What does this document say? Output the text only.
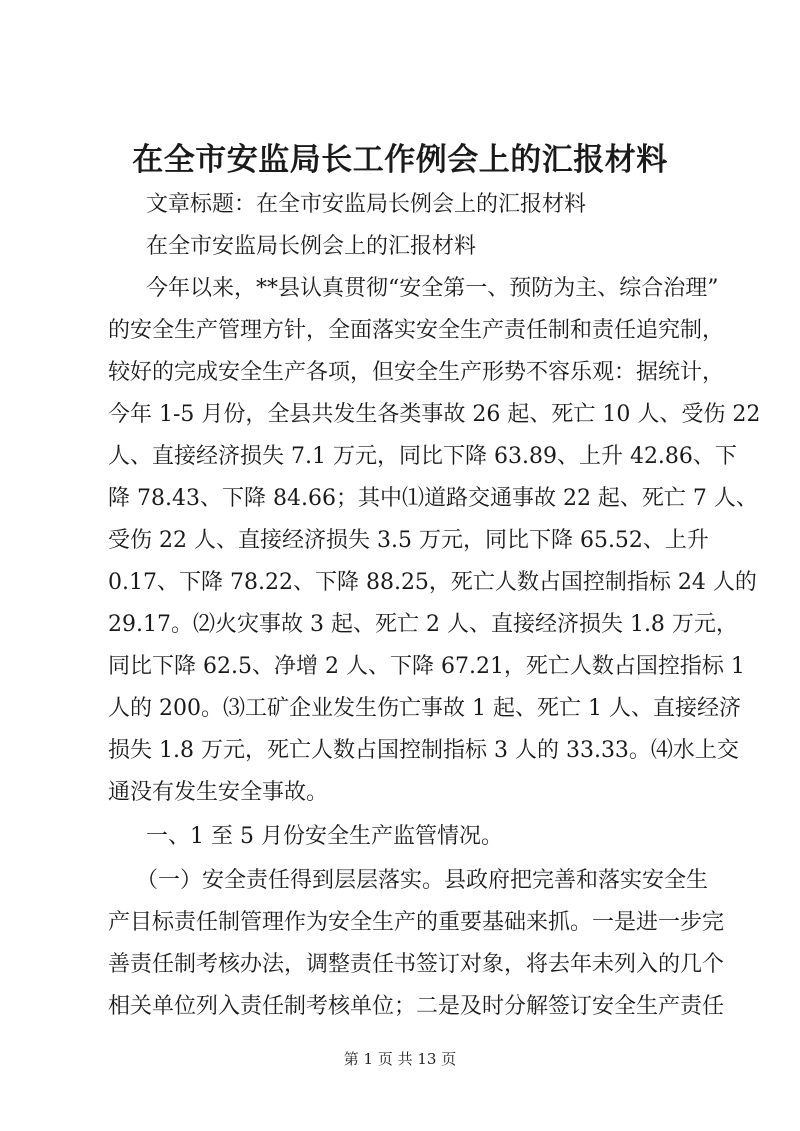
在全市安监局长工作例会上的汇报材料
文章标题：在全市安监局长例会上的汇报材料
在全市安监局长例会上的汇报材料
今年以来，**县认真贯彻“安全第一、预防为主、综合治理”
的安全生产管理方针，全面落实安全生产责任制和责任追究制，
较好的完成安全生产各项，但安全生产形势不容乐观：据统计，
今年 1-5 月份，全县共发生各类事故 26 起、死亡 10 人、受伤 22
人、直接经济损失 7.1 万元，同比下降 63.89、上升 42.86、下
降 78.43、下降 84.66；其中⑴道路交通事故 22 起、死亡 7 人、
受伤 22 人、直接经济损失 3.5 万元，同比下降 65.52、上升
0.17、下降 78.22、下降 88.25，死亡人数占国控制指标 24 人的
29.17。⑵火灾事故 3 起、死亡 2 人、直接经济损失 1.8 万元，
同比下降 62.5、净增 2 人、下降 67.21，死亡人数占国控指标 1
人的 200。⑶工矿企业发生伤亡事故 1 起、死亡 1 人、直接经济
损失 1.8 万元，死亡人数占国控制指标 3 人的 33.33。⑷水上交
通没有发生安全事故。
一、1 至 5 月份安全生产监管情况。
（一）安全责任得到层层落实。县政府把完善和落实安全生
产目标责任制管理作为安全生产的重要基础来抓。一是进一步完
善责任制考核办法，调整责任书签订对象，将去年未列入的几个
相关单位列入责任制考核单位；二是及时分解签订安全生产责任
第 1 页 共 13 页
